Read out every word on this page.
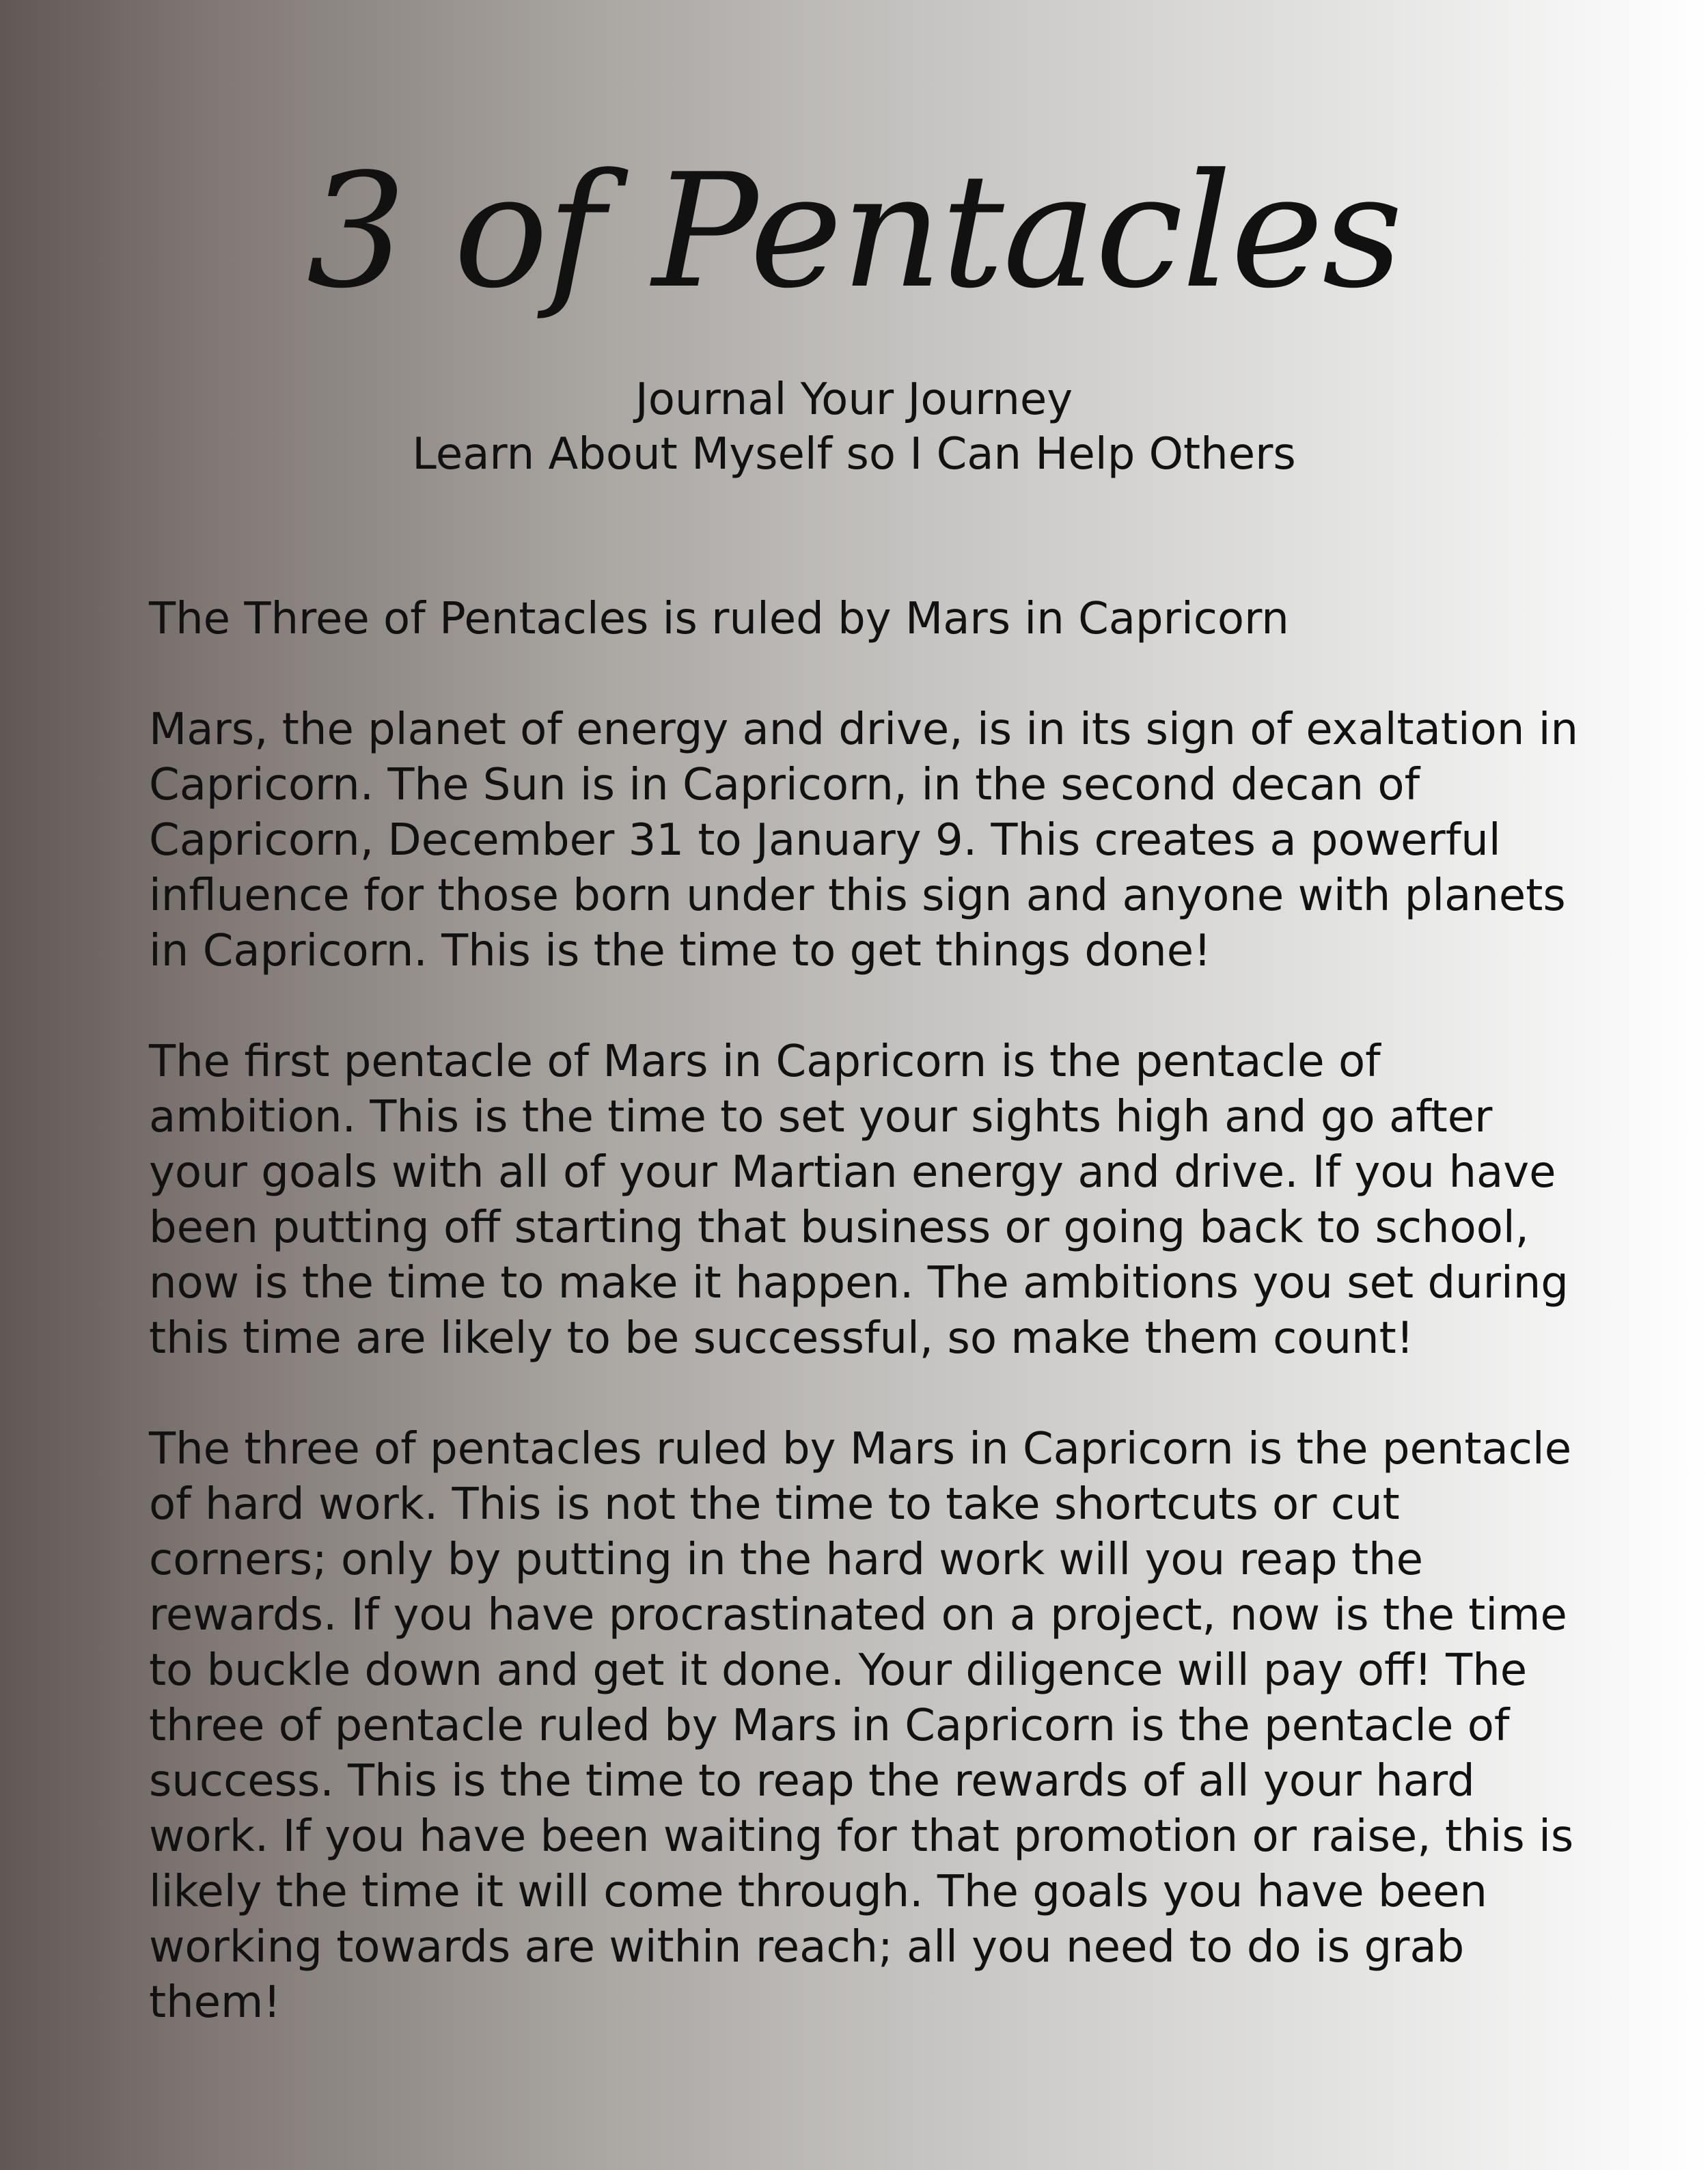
3 of Pentacles
Journal Your Journey
Learn About Myself so I Can Help Others

The Three of Pentacles is ruled by Mars in Capricorn

Mars, the planet of energy and drive, is in its sign of exaltation in Capricorn. The Sun is in Capricorn, in the second decan of Capricorn, December 31 to January 9. This creates a powerful influence for those born under this sign and anyone with planets in Capricorn. This is the time to get things done!

The first pentacle of Mars in Capricorn is the pentacle of ambition. This is the time to set your sights high and go after your goals with all of your Martian energy and drive. If you have been putting off starting that business or going back to school, now is the time to make it happen. The ambitions you set during this time are likely to be successful, so make them count!

The three of pentacles ruled by Mars in Capricorn is the pentacle of hard work. This is not the time to take shortcuts or cut corners; only by putting in the hard work will you reap the rewards. If you have procrastinated on a project, now is the time to buckle down and get it done. Your diligence will pay off! The three of pentacle ruled by Mars in Capricorn is the pentacle of success. This is the time to reap the rewards of all your hard work. If you have been waiting for that promotion or raise, this is likely the time it will come through. The goals you have been working towards are within reach; all you need to do is grab them!
